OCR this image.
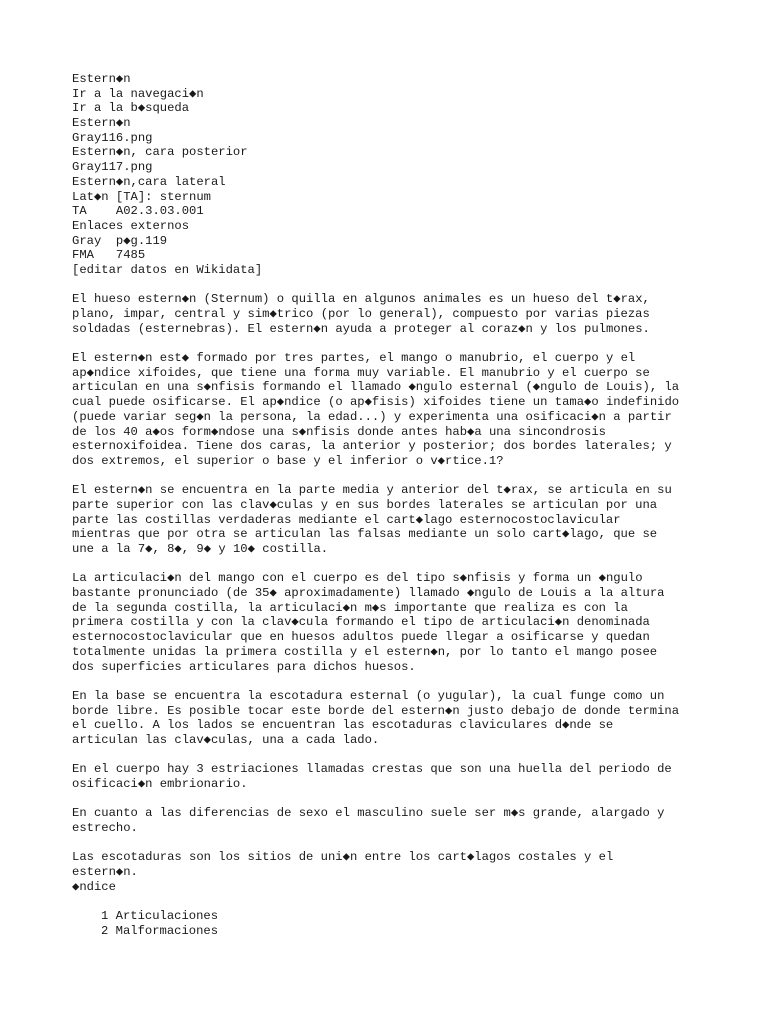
Estern◆n
Ir a la navegaci◆n
Ir a la b◆squeda
Estern◆n
Gray116.png
Estern◆n, cara posterior
Gray117.png
Estern◆n,cara lateral
Lat◆n [TA]: sternum
TA    A02.3.03.001
Enlaces externos
Gray  p◆g.119
FMA   7485
[editar datos en Wikidata]
El hueso estern◆n (Sternum) o quilla en algunos animales es un hueso del t◆rax,
plano, impar, central y sim◆trico (por lo general), compuesto por varias piezas
soldadas (esternebras). El estern◆n ayuda a proteger al coraz◆n y los pulmones.
El estern◆n est◆ formado por tres partes, el mango o manubrio, el cuerpo y el
ap◆ndice xifoides, que tiene una forma muy variable. El manubrio y el cuerpo se
articulan en una s◆nfisis formando el llamado ◆ngulo esternal (◆ngulo de Louis), la
cual puede osificarse. El ap◆ndice (o ap◆fisis) xifoides tiene un tama◆o indefinido
(puede variar seg◆n la persona, la edad...) y experimenta una osificaci◆n a partir
de los 40 a◆os form◆ndose una s◆nfisis donde antes hab◆a una sincondrosis
esternoxifoidea. Tiene dos caras, la anterior y posterior; dos bordes laterales; y
dos extremos, el superior o base y el inferior o v◆rtice.1?
El estern◆n se encuentra en la parte media y anterior del t◆rax, se articula en su
parte superior con las clav◆culas y en sus bordes laterales se articulan por una
parte las costillas verdaderas mediante el cart◆lago esternocostoclavicular
mientras que por otra se articulan las falsas mediante un solo cart◆lago, que se
une a la 7◆, 8◆, 9◆ y 10◆ costilla.
La articulaci◆n del mango con el cuerpo es del tipo s◆nfisis y forma un ◆ngulo
bastante pronunciado (de 35◆ aproximadamente) llamado ◆ngulo de Louis a la altura
de la segunda costilla, la articulaci◆n m◆s importante que realiza es con la
primera costilla y con la clav◆cula formando el tipo de articulaci◆n denominada
esternocostoclavicular que en huesos adultos puede llegar a osificarse y quedan
totalmente unidas la primera costilla y el estern◆n, por lo tanto el mango posee
dos superficies articulares para dichos huesos.
En la base se encuentra la escotadura esternal (o yugular), la cual funge como un
borde libre. Es posible tocar este borde del estern◆n justo debajo de donde termina
el cuello. A los lados se encuentran las escotaduras claviculares d◆nde se
articulan las clav◆culas, una a cada lado.
En el cuerpo hay 3 estriaciones llamadas crestas que son una huella del periodo de
osificaci◆n embrionario.
En cuanto a las diferencias de sexo el masculino suele ser m◆s grande, alargado y
estrecho.
Las escotaduras son los sitios de uni◆n entre los cart◆lagos costales y el
estern◆n.
◆ndice
1 Articulaciones
2 Malformaciones
